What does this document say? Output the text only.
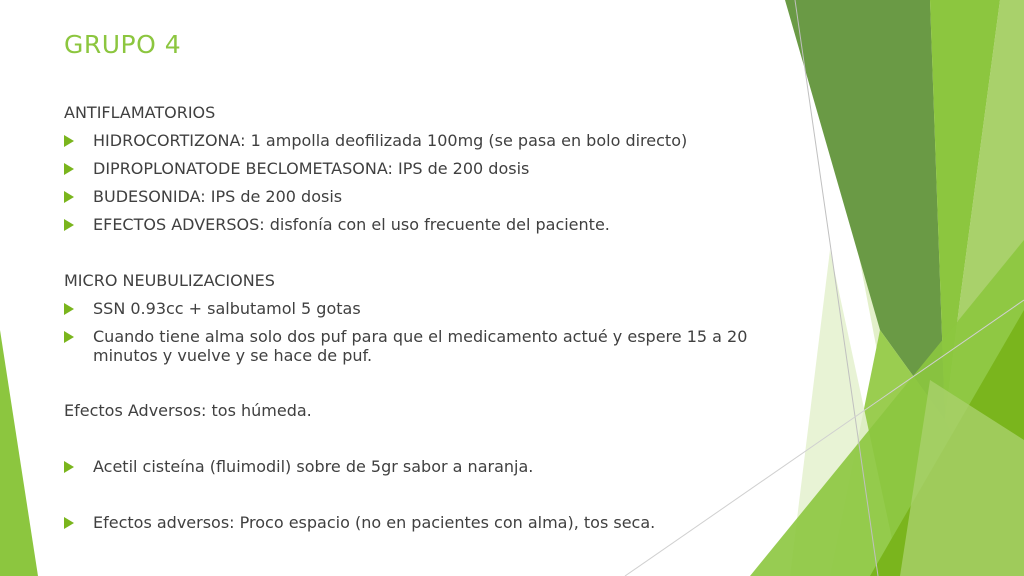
GRUPO 4
ANTIFLAMATORIOS
HIDROCORTIZONA: 1 ampolla deofilizada 100mg (se pasa en bolo directo)
DIPROPLONATODE BECLOMETASONA: IPS de 200 dosis
BUDESONIDA: IPS de 200 dosis
EFECTOS ADVERSOS: disfonía con el uso frecuente del paciente.
MICRO NEUBULIZACIONES
SSN 0.93cc + salbutamol 5 gotas
Cuando tiene alma solo dos puf para que el medicamento actué y espere 15 a 20 minutos y vuelve y se hace de puf.
Efectos Adversos: tos húmeda.
Acetil cisteína (fluimodil) sobre de 5gr sabor a naranja.
Efectos adversos: Proco espacio (no en pacientes con alma), tos seca.
